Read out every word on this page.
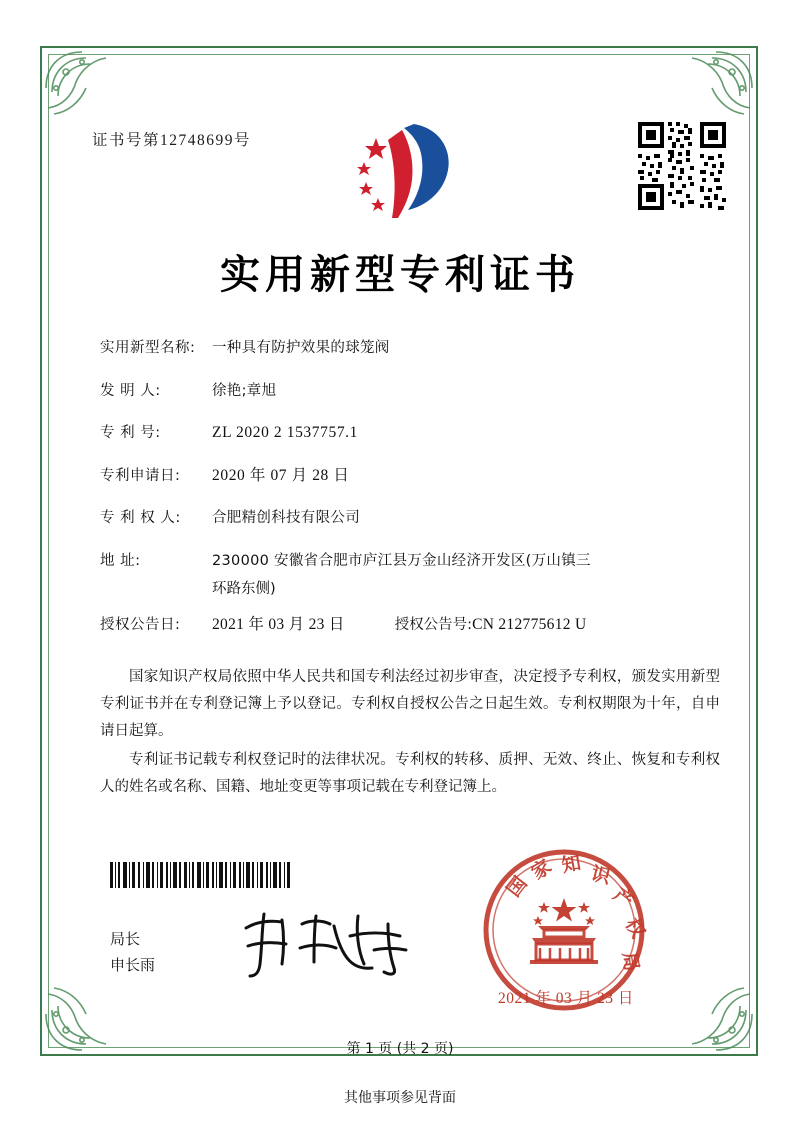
证书号第12748699号
实用新型专利证书
实用新型名称: 一种具有防护效果的球笼阀
发 明 人:	徐艳;章旭
专 利 号:	ZL 2020 2 1537757.1
专利申请日: 2020 年 07 月 28 日
专 利 权 人: 合肥精创科技有限公司
地 址:	230000 安徽省合肥市庐江县万金山经济开发区(万山镇三
环路东侧)
授权公告日: 2021 年 03 月 23 日	授权公告号:CN 212775612 U

国家知识产权局依照中华人民共和国专利法经过初步审查，决定授予专利权，颁发实用新型专利证书并在专利登记簿上予以登记。专利权自授权公告之日起生效。专利权期限为十年，自申请日起算。

专利证书记载专利权登记时的法律状况。专利权的转移、质押、无效、终止、恢复和专利权人的姓名或名称、国籍、地址变更等事项记载在专利登记簿上。

局长
申长雨
国
家 知 识
产
权
局
2021 年 03 月 23 日
第 1 页 (共 2 页)
其他事项参见背面
